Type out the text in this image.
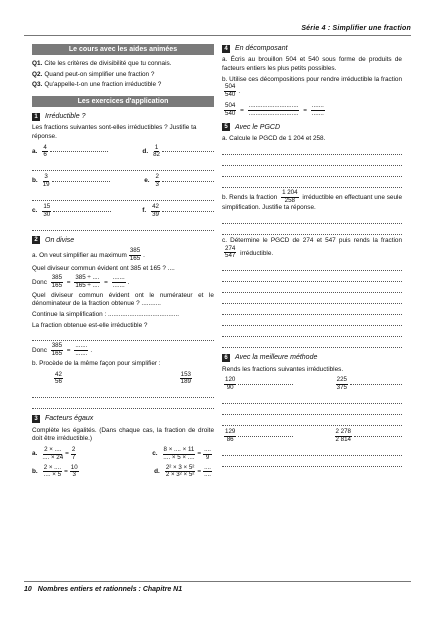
Série 4 : Simplifier une fraction
Le cours avec les aides animées
Q1. Cite les critères de divisibilité que tu connais.
Q2. Quand peut-on simplifier une fraction ?
Q3. Qu'appelle-t-on une fraction irréductible ?
Les exercices d'application
1	Irréductible ?

Les fractions suivantes sont-elles irréductibles ? Justifie ta réponse.

a. $\frac{4}{6}$	d. $\frac{1}{82}$
b. $\frac{3}{19}$	e. $\frac{2}{3}$
c. $\frac{15}{30}$	f. $\frac{42}{39}$
2	On divise

a. On veut simplifier au maximum $\frac{385}{165}$ .

Quel diviseur commun évident ont 385 et 165 ? ....

Donc $\frac{385}{165} = \frac{385 \div ....}{165 \div ....} = \frac{.......}{.......}$ .

Quel diviseur commun évident ont le numérateur et le dénominateur de la fraction obtenue ? ...........

Continue la simplification : ........................................

La fraction obtenue est-elle irréductible ?

Donc $\frac{385}{165} = \frac{.......}{.......}$ .

b. Procède de la même façon pour simplifier :

$\frac{42}{56}$	$\frac{153}{189}$
3	Facteurs égaux

Complète les égalités. (Dans chaque cas, la fraction de droite doit être irréductible.)

a. $\frac{2 \times ....}{.... \times 24} = \frac{2}{7}$	c. $\frac{8 \times .... \times 11}{.... \times 5 \times ....} = \frac{....}{9}$
b. $\frac{2 \times ....}{.... \times 5} = \frac{10}{3}$	d. $\frac{\text{2² × 3 × 5²}}{\text{2 × 3² × 5²}} = \frac{....}{....}$
4	En décomposant

a. Écris au brouillon 504 et 540 sous forme de produits de facteurs entiers les plus petits possibles.

b. Utilise ces décompositions pour rendre irréductible la fraction
$\frac{504}{540}$ .

$\frac{504}{540} = \frac{.............................}{.............................} = \frac{.......}{.......}$

5	Avec le PGCD

a. Calcule le PGCD de 1 204 et 258.

b. Rends la fraction $\frac{1 204}{258}$ irréductible en effectuant une seule simplification. Justifie ta réponse.

c. Détermine le PGCD de 274 et 547 puis rends la fraction
$\frac{274}{547}$ irréductible.

6	Avec la meilleure méthode

Rends les fractions suivantes irréductibles.

$\frac{120}{90}$	$\frac{225}{375}$
$\frac{129}{86}$	$\frac{2 278}{2 814}$
10 Nombres entiers et rationnels : Chapitre N1
